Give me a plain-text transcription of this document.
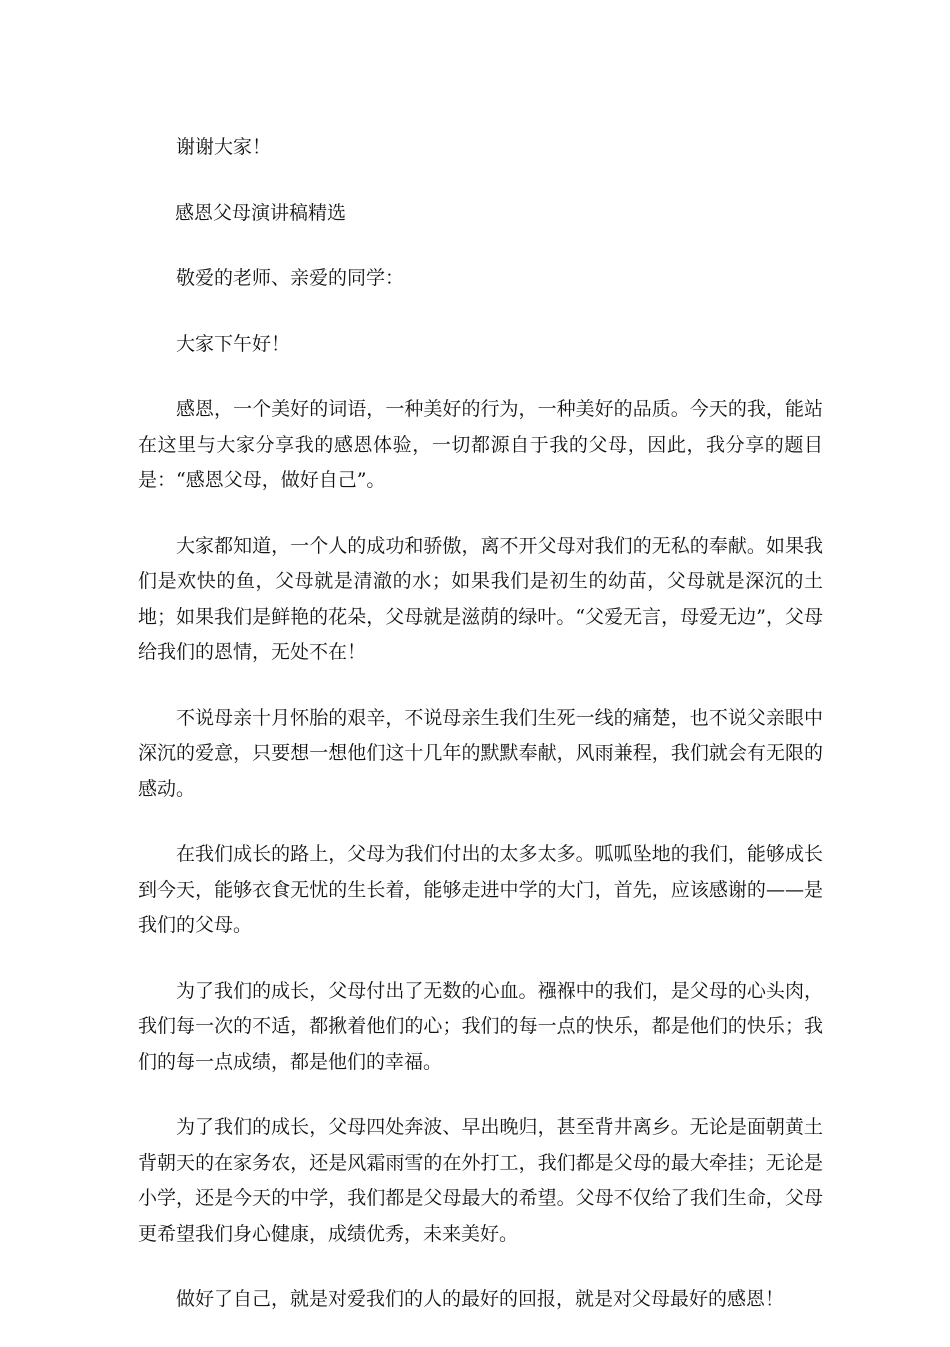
谢谢大家！

感恩父母演讲稿精选

敬爱的老师、亲爱的同学：

大家下午好！

感恩，一个美好的词语，一种美好的行为，一种美好的品质。今天的我，能站在这里与大家分享我的感恩体验，一切都源自于我的父母，因此，我分享的题目是：“感恩父母，做好自己”。

大家都知道，一个人的成功和骄傲，离不开父母对我们的无私的奉献。如果我们是欢快的鱼，父母就是清澈的水；如果我们是初生的幼苗，父母就是深沉的土地；如果我们是鲜艳的花朵，父母就是滋荫的绿叶。“父爱无言，母爱无边”，父母给我们的恩情，无处不在！

不说母亲十月怀胎的艰辛，不说母亲生我们生死一线的痛楚，也不说父亲眼中深沉的爱意，只要想一想他们这十几年的默默奉献，风雨兼程，我们就会有无限的感动。

在我们成长的路上，父母为我们付出的太多太多。呱呱坠地的我们，能够成长到今天，能够衣食无忧的生长着，能够走进中学的大门，首先，应该感谢的——是我们的父母。

为了我们的成长，父母付出了无数的心血。襁褓中的我们，是父母的心头肉，我们每一次的不适，都揪着他们的心；我们的每一点的快乐，都是他们的快乐；我们的每一点成绩，都是他们的幸福。

为了我们的成长，父母四处奔波、早出晚归，甚至背井离乡。无论是面朝黄土背朝天的在家务农，还是风霜雨雪的在外打工，我们都是父母的最大牵挂；无论是小学，还是今天的中学，我们都是父母最大的希望。父母不仅给了我们生命，父母更希望我们身心健康，成绩优秀，未来美好。

做好了自己，就是对爱我们的人的最好的回报，就是对父母最好的感恩！
